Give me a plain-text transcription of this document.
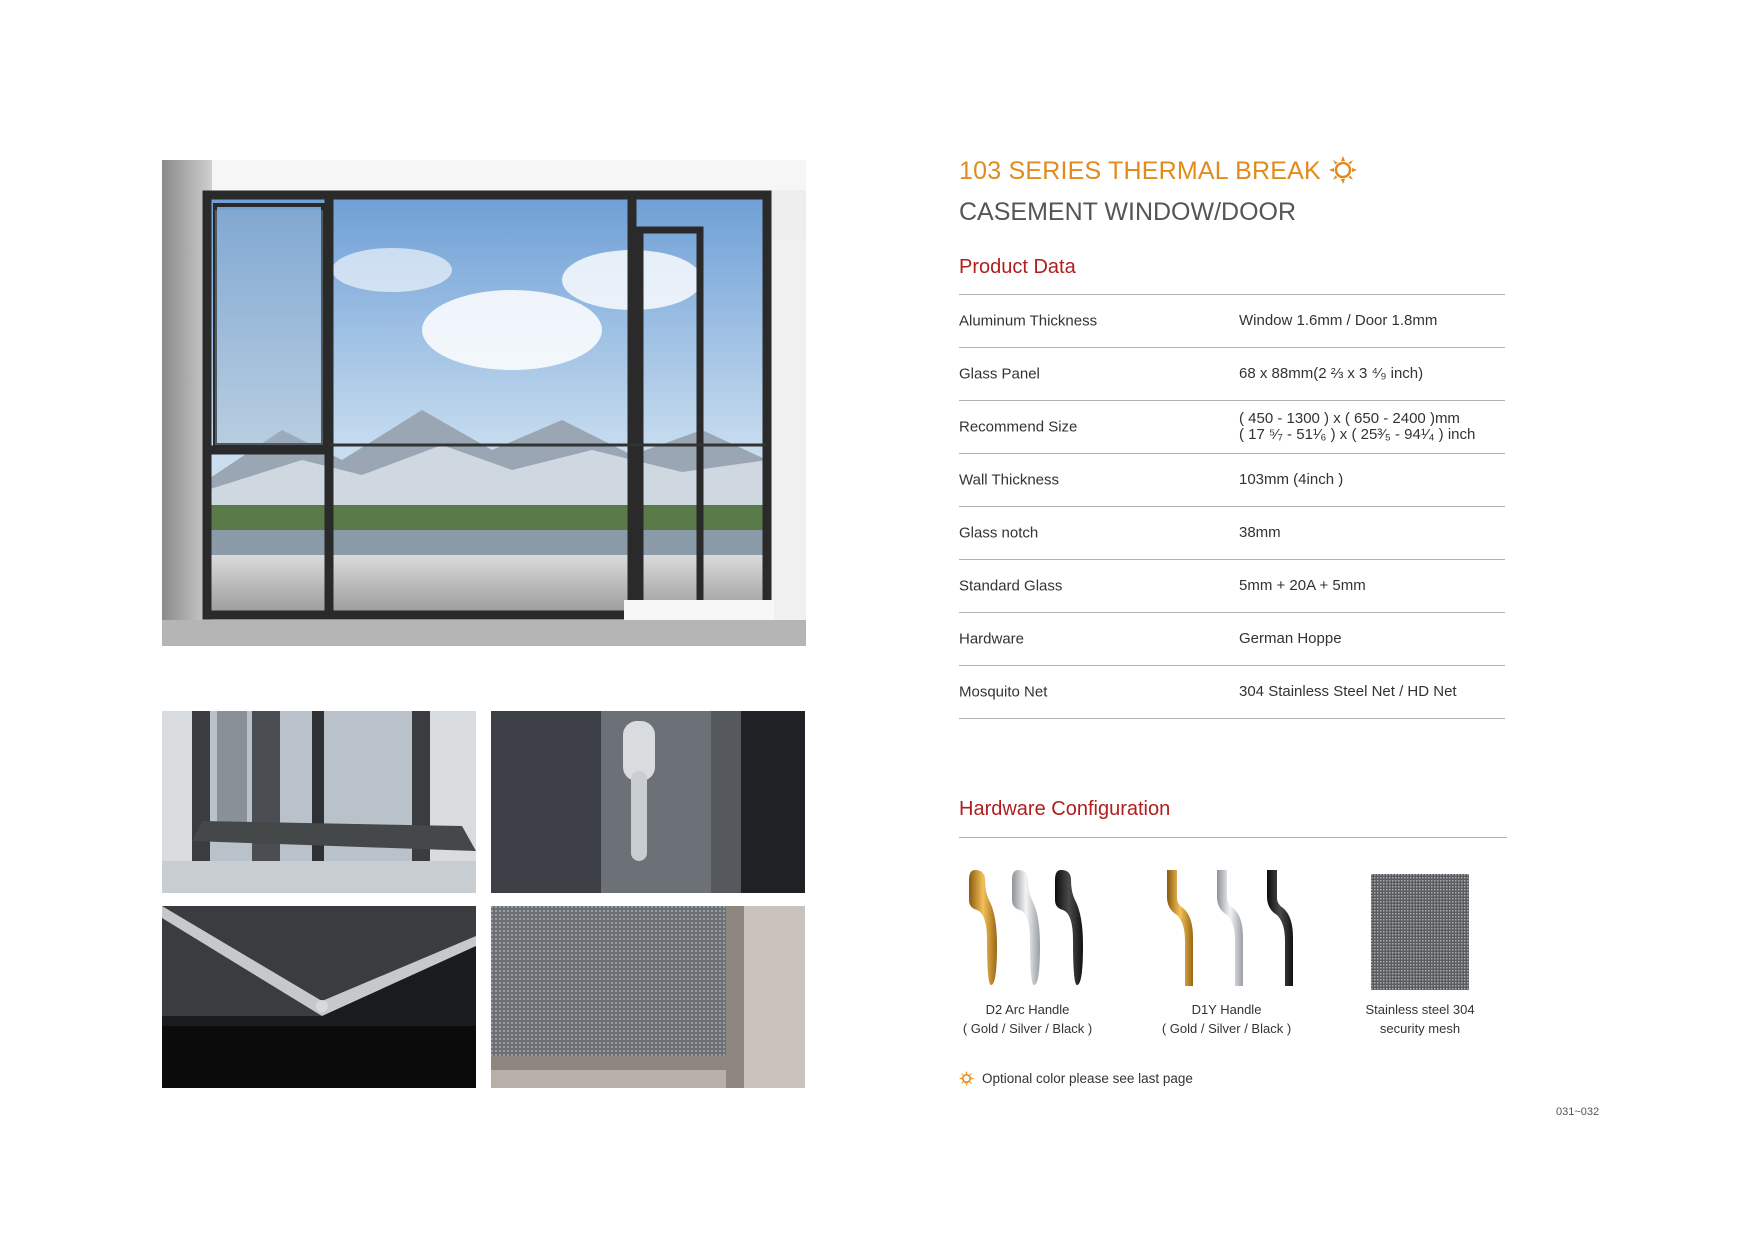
103 SERIES THERMAL BREAK
CASEMENT WINDOW/DOOR
Product Data
Aluminum Thickness	Window 1.6mm / Door 1.8mm
Glass Panel	68 x 88mm(2 ⅔ x 3 ⁴⁄₉ inch)
Recommend Size	( 450 - 1300 ) x ( 650 - 2400 )mm
( 17 ⁵⁄₇ - 51¹⁄₆ ) x ( 25³⁄₅ - 94¹⁄₄ ) inch
Wall Thickness	103mm (4inch )
Glass notch	38mm
Standard Glass	5mm + 20A + 5mm
Hardware	German Hoppe
Mosquito Net	304 Stainless Steel Net / HD Net
Hardware Configuration
D2 Arc Handle
( Gold / Silver / Black )
D1Y Handle
( Gold / Silver / Black )
Stainless steel 304
security mesh
Optional color please see last page
031~032
